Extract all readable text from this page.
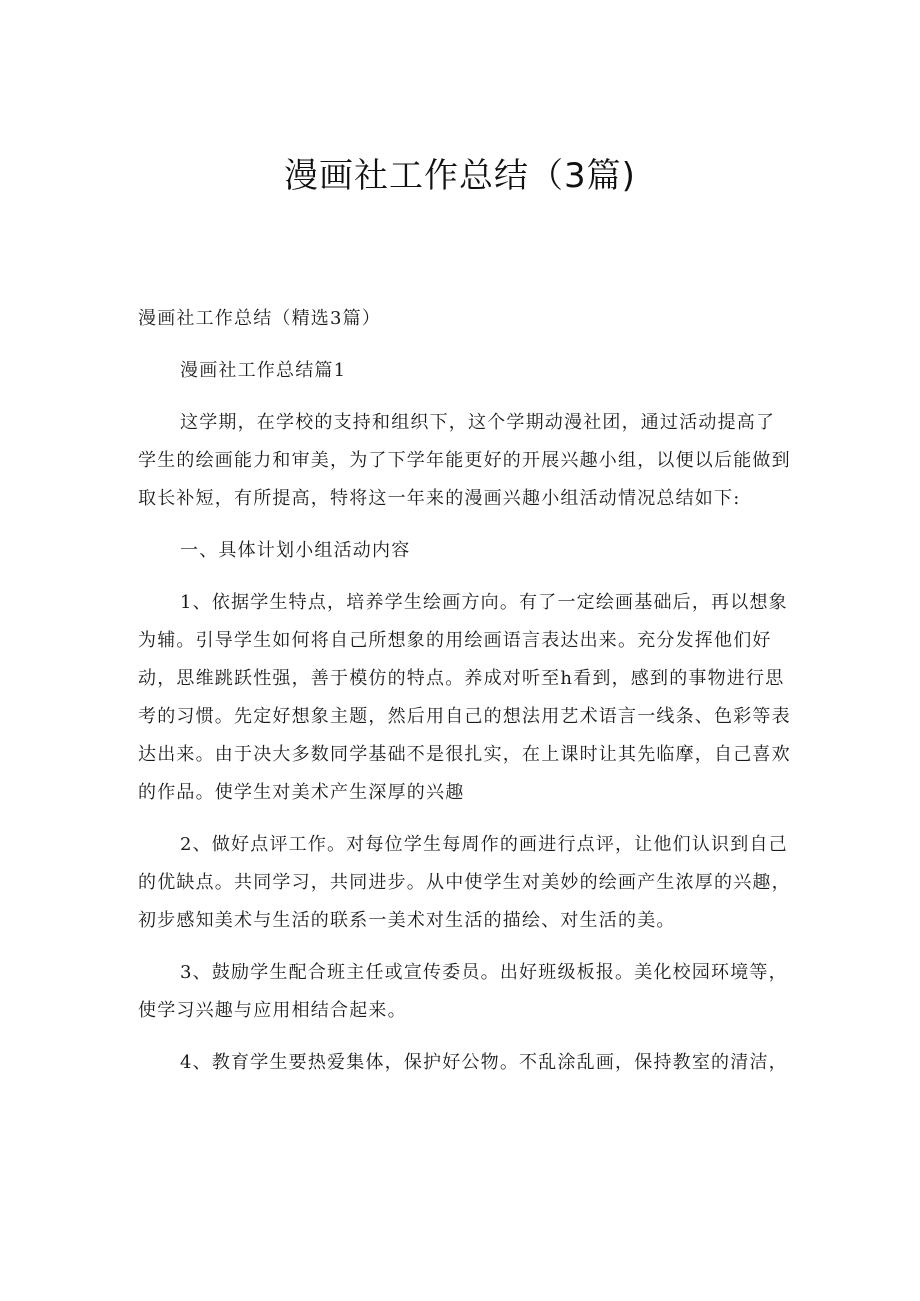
漫画社工作总结（3篇)

漫画社工作总结（精选3篇）

漫画社工作总结篇1

这学期，在学校的支持和组织下，这个学期动漫社团，通过活动提高了学生的绘画能力和审美，为了下学年能更好的开展兴趣小组，以便以后能做到取长补短，有所提高，特将这一年来的漫画兴趣小组活动情况总结如下:

一、具体计划小组活动内容

1、依据学生特点，培养学生绘画方向。有了一定绘画基础后，再以想象为辅。引导学生如何将自己所想象的用绘画语言表达出来。充分发挥他们好动，思维跳跃性强，善于模仿的特点。养成对听至h看到，感到的事物进行思考的习惯。先定好想象主题，然后用自己的想法用艺术语言一线条、色彩等表达出来。由于决大多数同学基础不是很扎实，在上课时让其先临摩，自己喜欢的作品。使学生对美术产生深厚的兴趣

2、做好点评工作。对每位学生每周作的画进行点评，让他们认识到自己的优缺点。共同学习，共同进步。从中使学生对美妙的绘画产生浓厚的兴趣，初步感知美术与生活的联系一美术对生活的描绘、对生活的美。

3、鼓励学生配合班主任或宣传委员。出好班级板报。美化校园环境等，使学习兴趣与应用相结合起来。

4、教育学生要热爱集体，保护好公物。不乱涂乱画，保持教室的清洁，
